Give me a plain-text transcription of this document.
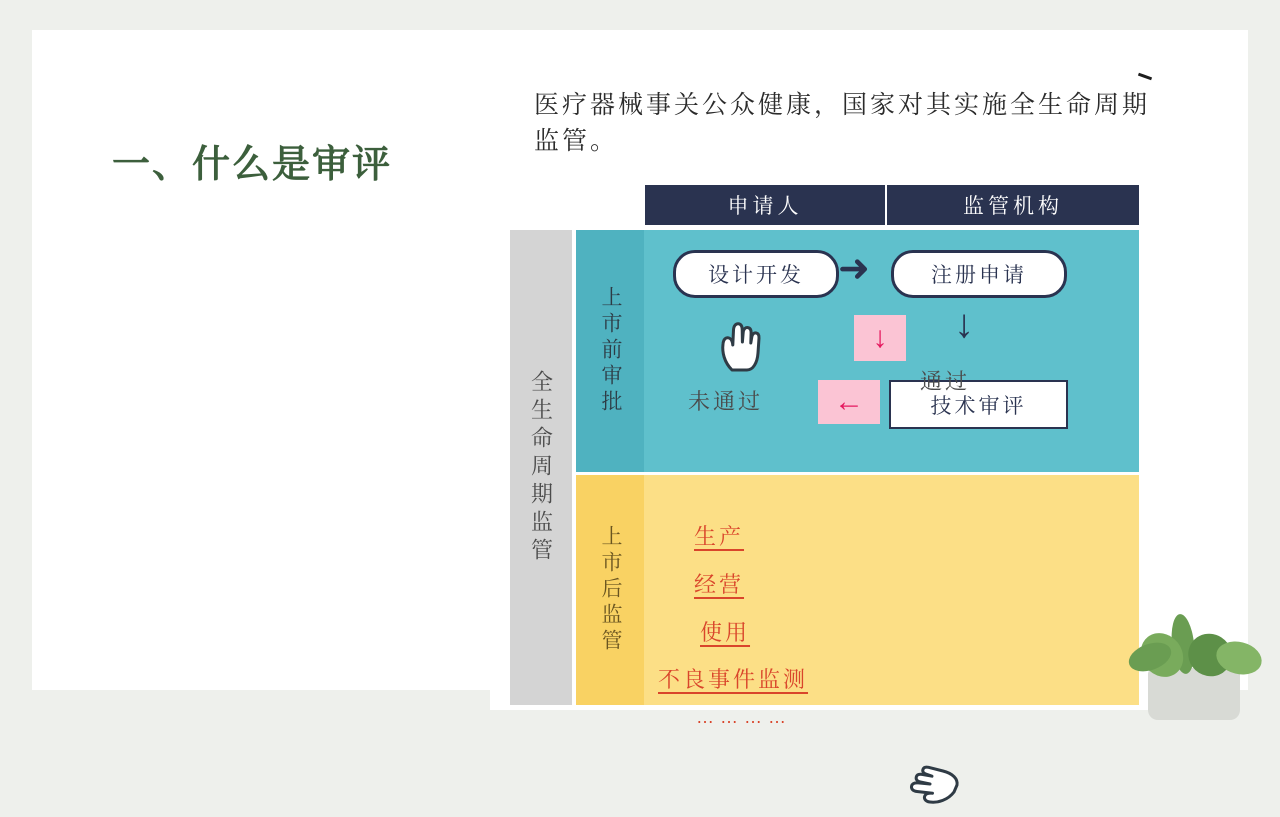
一、什么是审评
医疗器械事关公众健康，国家对其实施全生命周期监管。
申请人	监管机构
全生命周期监管
上市前审批
设计开发 ➜	注册申请
↓
技术审评
←
未通过
↓
通过
上市后监管	生产
经营
使用
不良事件监测
…………
